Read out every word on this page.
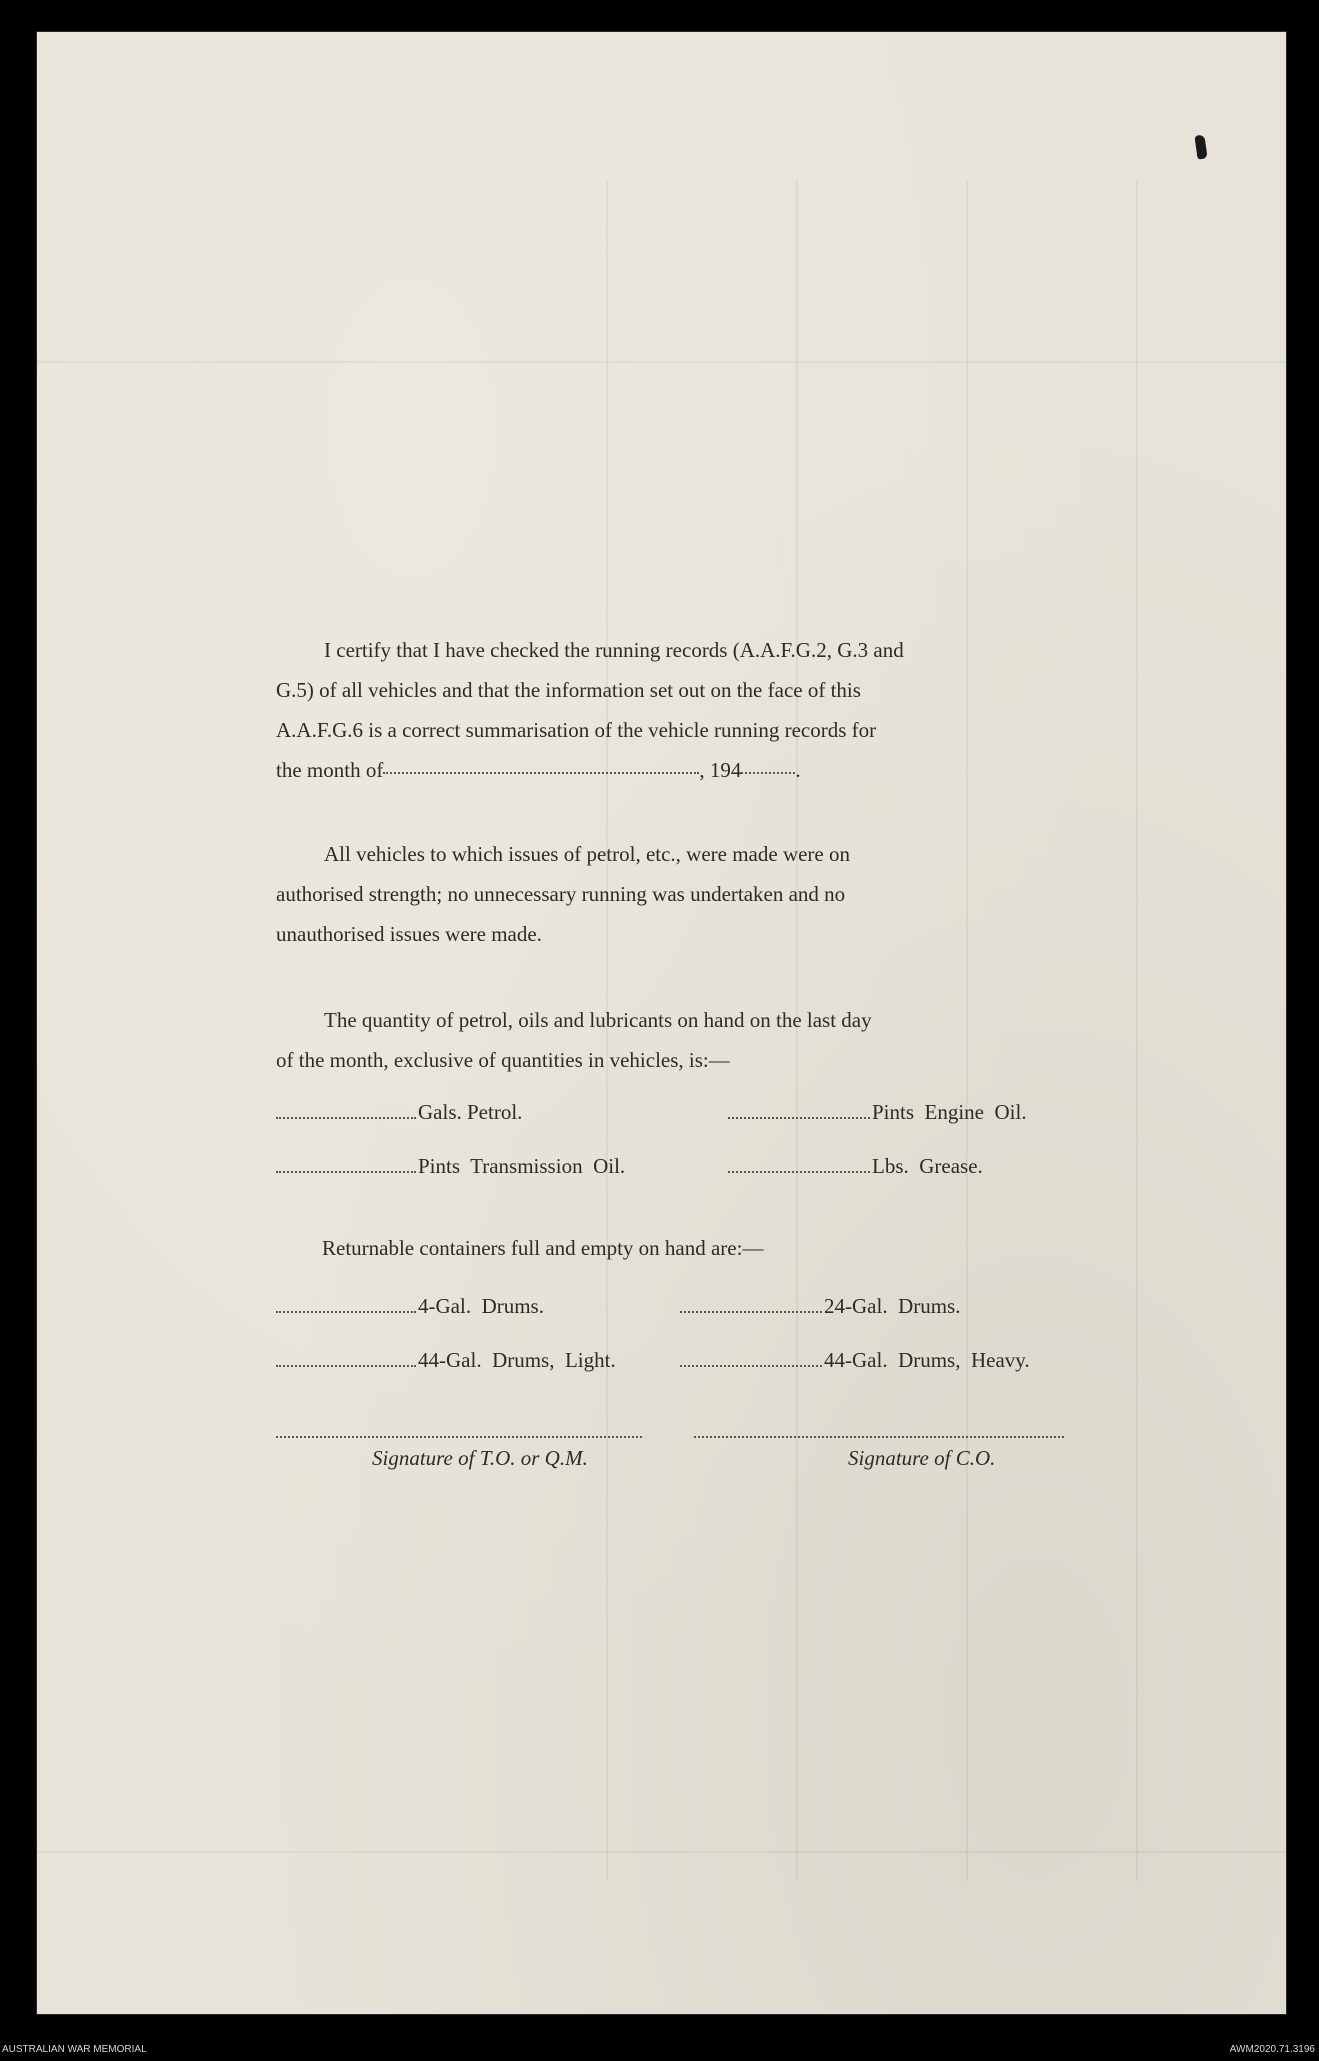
I certify that I have checked the running records (A.A.F.G.2, G.3 and
G.5) of all vehicles and that the information set out on the face of this
A.A.F.G.6 is a correct summarisation of the vehicle running records for
the month of	, 194	.

All vehicles to which issues of petrol, etc., were made were on
authorised strength; no unnecessary running was undertaken and no
unauthorised issues were made.

The quantity of petrol, oils and lubricants on hand on the last day
of the month, exclusive of quantities in vehicles, is:—

Gals. Petrol.	Pints  Engine  Oil.
Pints  Transmission  Oil.	Lbs.  Grease.
Returnable containers full and empty on hand are:—
4-Gal.  Drums.	24-Gal.  Drums.
44-Gal.  Drums,  Light.	44-Gal.  Drums,  Heavy.
Signature of T.O. or Q.M.	Signature of C.O.
AUSTRALIAN WAR MEMORIAL	AWM2020.71.3196
